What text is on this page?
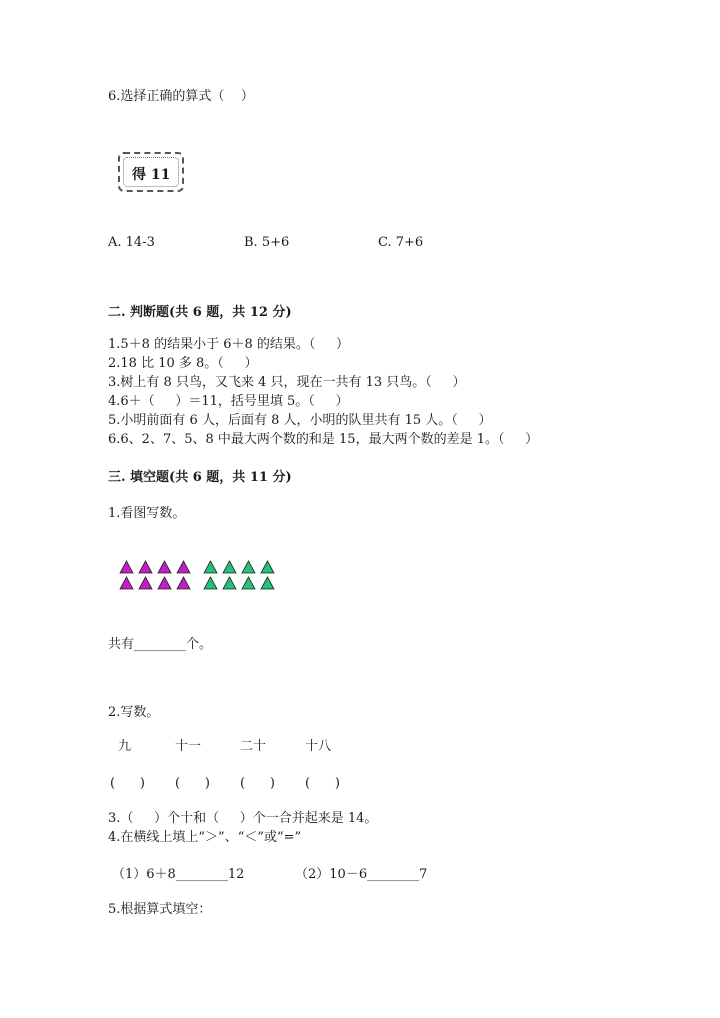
6.选择正确的算式（    ）
得 11
A. 14-3	B. 5+6	C. 7+6
二. 判断题(共 6 题，共 12 分)
1.5＋8 的结果小于 6＋8 的结果。（     ）
2.18 比 10 多 8。（     ）
3.树上有 8 只鸟，又飞来 4 只，现在一共有 13 只鸟。（     ）
4.6＋（     ）＝11，括号里填 5。（     ）
5.小明前面有 6 人，后面有 8 人，小明的队里共有 15 人。（     ）
6.6、2、7、5、8 中最大两个数的和是 15，最大两个数的差是 1。（     ）
三. 填空题(共 6 题，共 11 分)
1.看图写数。
共有________个。
2.写数。
九	十一	二十	十八
(      ) (      ) (      ) (      )
3.（     ）个十和（     ）个一合并起来是 14。
4.在横线上填上“＞”、“＜”或“=”
（1）6＋8________12	（2）10－6________7
5.根据算式填空：
